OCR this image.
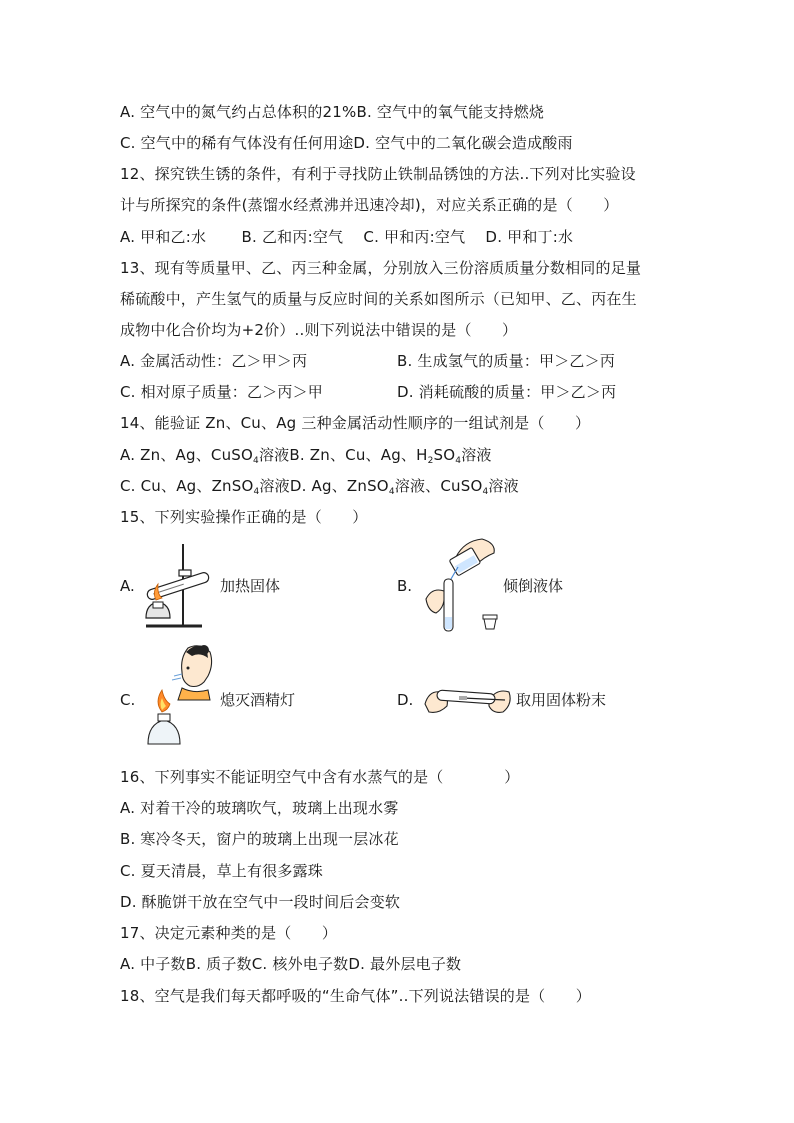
A. 空气中的氮气约占总体积的21%B. 空气中的氧气能支持燃烧
C. 空气中的稀有气体没有任何用途D. 空气中的二氧化碳会造成酸雨
12、探究铁生锈的条件，有利于寻找防止铁制品锈蚀的方法..下列对比实验设
计与所探究的条件(蒸馏水经煮沸并迅速冷却)，对应关系正确的是（　　）
A. 甲和乙:水　　 B. 乙和丙:空气　 C. 甲和丙:空气　 D. 甲和丁:水
13、现有等质量甲、乙、丙三种金属，分别放入三份溶质质量分数相同的足量
稀硫酸中，产生氢气的质量与反应时间的关系如图所示（已知甲、乙、丙在生
成物中化合价均为+2价）..则下列说法中错误的是（　　）
A. 金属活动性：乙＞甲＞丙	B. 生成氢气的质量：甲＞乙＞丙
C. 相对原子质量：乙＞丙＞甲	D. 消耗硫酸的质量：甲＞乙＞丙
14、能验证 Zn、Cu、Ag 三种金属活动性顺序的一组试剂是（　　）
A. Zn、Ag、CuSO$_4$溶液B. Zn、Cu、Ag、$H_2SO_4$溶液
C. Cu、Ag、ZnSO$_4$溶液D. Ag、ZnSO$_4$溶液、CuSO$_4$溶液
15、下列实验操作正确的是（　　）
A.	加热固体	B.	倾倒液体
C.	熄灭酒精灯	D.	取用固体粉末
16、下列事实不能证明空气中含有水蒸气的是（　　　　）
A. 对着干冷的玻璃吹气，玻璃上出现水雾
B. 寒冷冬天，窗户的玻璃上出现一层冰花
C. 夏天清晨，草上有很多露珠
D. 酥脆饼干放在空气中一段时间后会变软
17、决定元素种类的是（　　）
A. 中子数B. 质子数C. 核外电子数D. 最外层电子数
18、空气是我们每天都呼吸的“生命气体”..下列说法错误的是（　　）
